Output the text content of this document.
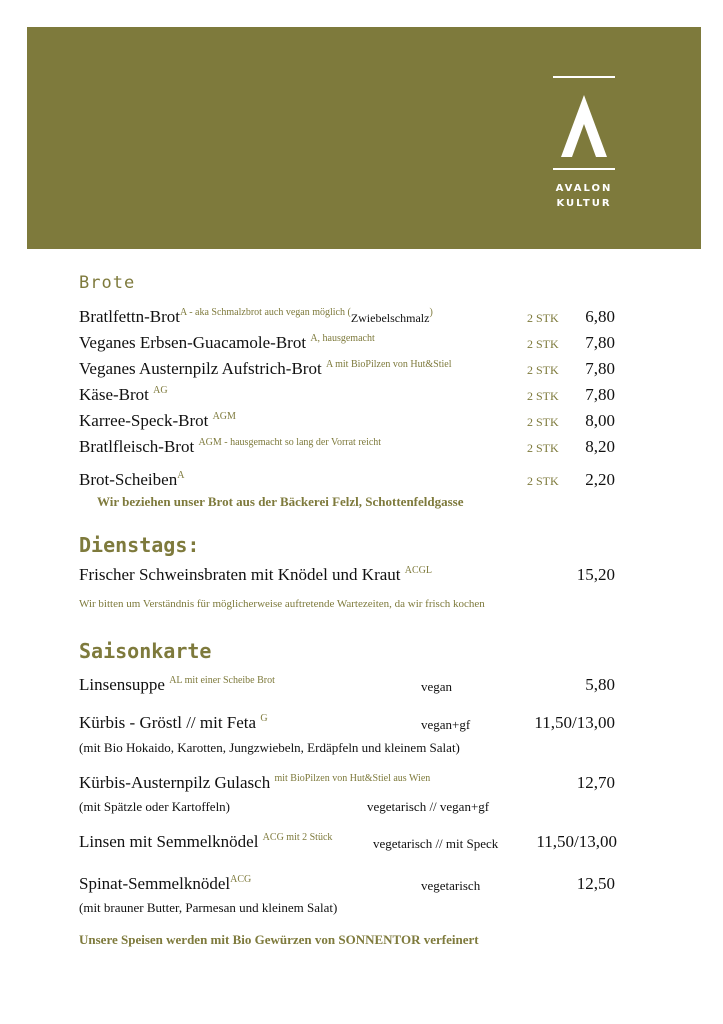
AVALON
KULTUR
Brote
Bratlfettn-Brot$^{A - aka Schmalzbrot auch vegan möglich (}$Zwiebelschmalz)	2 STK 6,80
Veganes Erbsen-Guacamole-Brot $^{A, hausgemacht}$	2 STK 7,80
Veganes Austernpilz Aufstrich-Brot $^{A mit BioPilzen von Hut\&Stiel}$	2 STK 7,80
Käse-Brot $^{AG}$	2 STK 7,80
Karree-Speck-Brot $^{AGM}$	2 STK 8,00
Bratlfleisch-Brot $^{AGM - hausgemacht so lang der Vorrat reicht}$	2 STK 8,20
Brot-Scheiben$^A$	2 STK 2,20
Wir beziehen unser Brot aus der Bäckerei Felzl, Schottenfeldgasse
Dienstags:
Frischer Schweinsbraten mit Knödel und Kraut $^{ACGL}$	15,20
Wir bitten um Verständnis für möglicherweise auftretende Wartezeiten, da wir frisch kochen
Saisonkarte
Linsensuppe $^{AL mit einer Scheibe Brot}$	vegan	5,80
Kürbis - Gröstl // mit Feta $^G$	vegan+gf	11,50/13,00
(mit Bio Hokaido, Karotten, Jungzwiebeln, Erdäpfeln und kleinem Salat)
Kürbis-Austernpilz Gulasch $^{mit BioPilzen von Hut\&Stiel aus Wien}$	12,70
(mit Spätzle oder Kartoffeln)	vegetarisch // vegan+gf
Linsen mit Semmelknödel $^{ACG mit 2 Stück}$	vegetarisch // mit Speck 11,50/13,00
Spinat-Semmelknödel$^{ACG}$	vegetarisch	12,50
(mit brauner Butter, Parmesan und kleinem Salat)
Unsere Speisen werden mit Bio Gewürzen von SONNENTOR verfeinert
